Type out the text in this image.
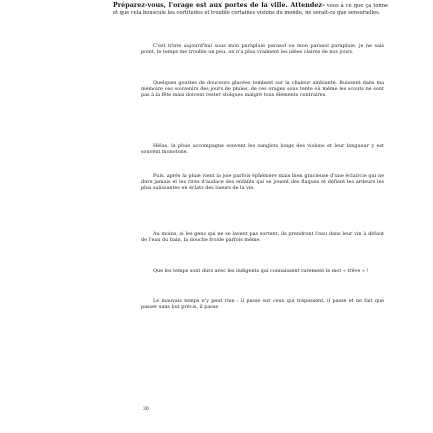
Préparez-vous, l'orage est aux portes de la ville. Attendez- vous à ce que ça tonne et que cela bouscule les certitudes et trouble certaines visions du monde, ne serait-ce que sensorielles.

C'est triste aujourd'hui sous mon parapluie parasol ou mon parasol parapluie, je ne sais point, le temps me trouble un peu, on n'a plus vraiment les idées claires de nos jours.

Quelques gouttes de douceurs glacées tombent sur la chaleur ambiante. Ruissent dans ma mémoire ces souvenirs des jours de pluies, de ces orages sous tente où même les scouts ne sont pas à la fête mais doivent rester stoïques malgré tous éléments contraires.

Hélas, la pluie accompagne souvent les sanglots longs des violons et leur langueur y est souvent monotone.

Puis, après la pluie vient la joie parfois éphémère mais bien gracieuse d'une éclaircie qui ne dure jamais et les rires d'audace des enfants qui se jouent des flaques et défient les ardeurs les plus salissantes en éclats des lueurs de la vie.

Au moins, si les gens qui ne se lavent pas sortent, ils prendront l'eau dans leur vin à défaut de l'eau du bain, la douche froide parfois même.

Que les temps sont durs avec les indigents qui connaissent rarement le mot « trêve » !

Le mauvais temps n'y peut rien : il passe sur ceux qui trépassent, il passe et ne fait que passer sans but précis, il passe

30
